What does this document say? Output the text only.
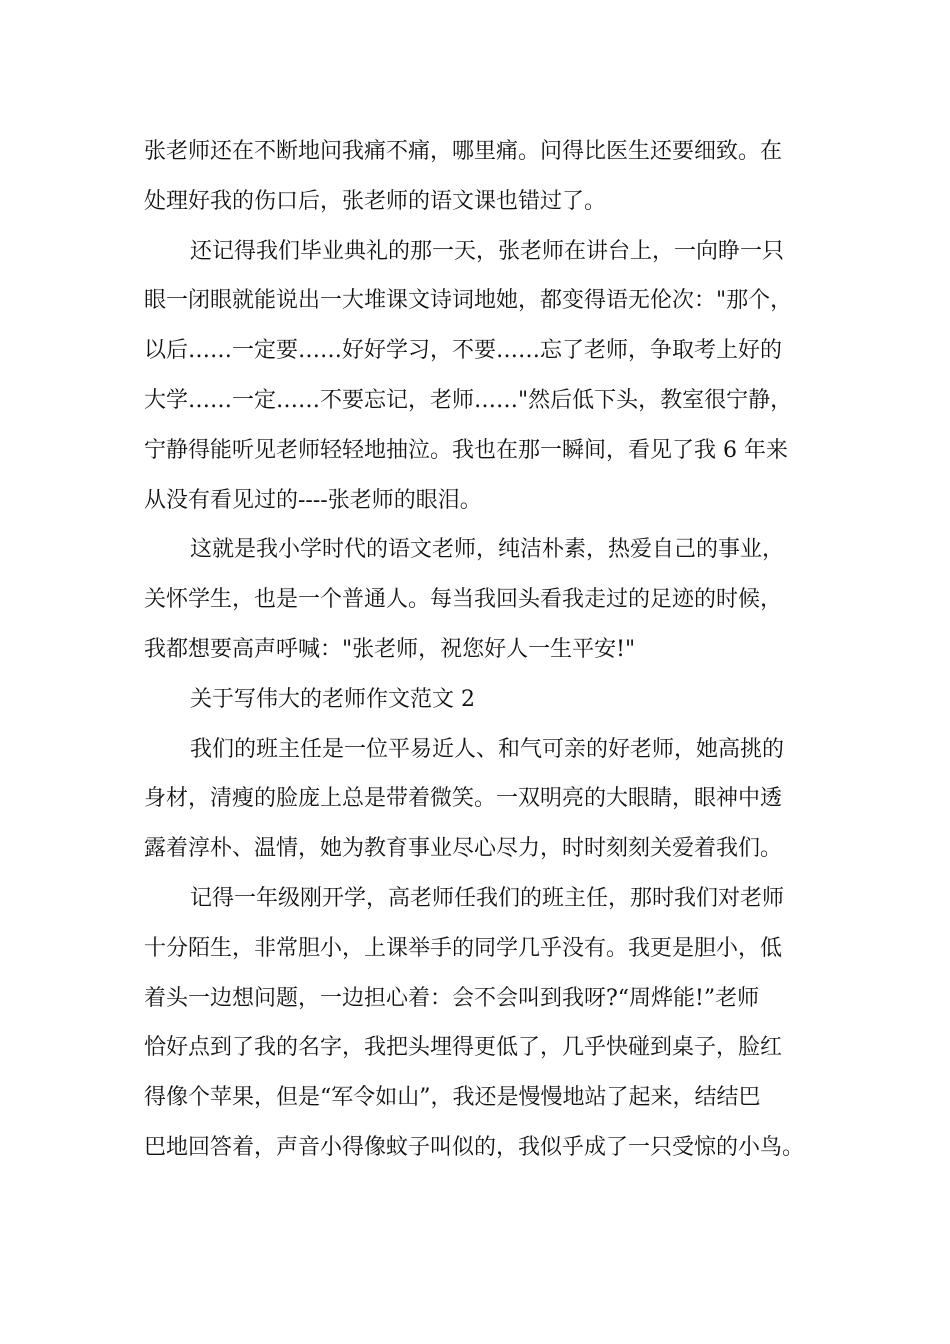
张老师还在不断地问我痛不痛，哪里痛。问得比医生还要细致。在
处理好我的伤口后，张老师的语文课也错过了。
还记得我们毕业典礼的那一天，张老师在讲台上，一向睁一只
眼一闭眼就能说出一大堆课文诗词地她，都变得语无伦次："那个，
以后……一定要……好好学习，不要……忘了老师，争取考上好的
大学……一定……不要忘记，老师……"然后低下头，教室很宁静，
宁静得能听见老师轻轻地抽泣。我也在那一瞬间，看见了我 6 年来
从没有看见过的----张老师的眼泪。
这就是我小学时代的语文老师，纯洁朴素，热爱自己的事业，
关怀学生，也是一个普通人。每当我回头看我走过的足迹的时候，
我都想要高声呼喊："张老师，祝您好人一生平安!"
关于写伟大的老师作文范文 2
我们的班主任是一位平易近人、和气可亲的好老师，她高挑的
身材，清瘦的脸庞上总是带着微笑。一双明亮的大眼睛，眼神中透
露着淳朴、温情，她为教育事业尽心尽力，时时刻刻关爱着我们。
记得一年级刚开学，高老师任我们的班主任，那时我们对老师
十分陌生，非常胆小，上课举手的同学几乎没有。我更是胆小，低
着头一边想问题，一边担心着：会不会叫到我呀?“周烨能!”老师
恰好点到了我的名字，我把头埋得更低了，几乎快碰到桌子，脸红
得像个苹果，但是“军令如山”，我还是慢慢地站了起来，结结巴
巴地回答着，声音小得像蚊子叫似的，我似乎成了一只受惊的小鸟。
